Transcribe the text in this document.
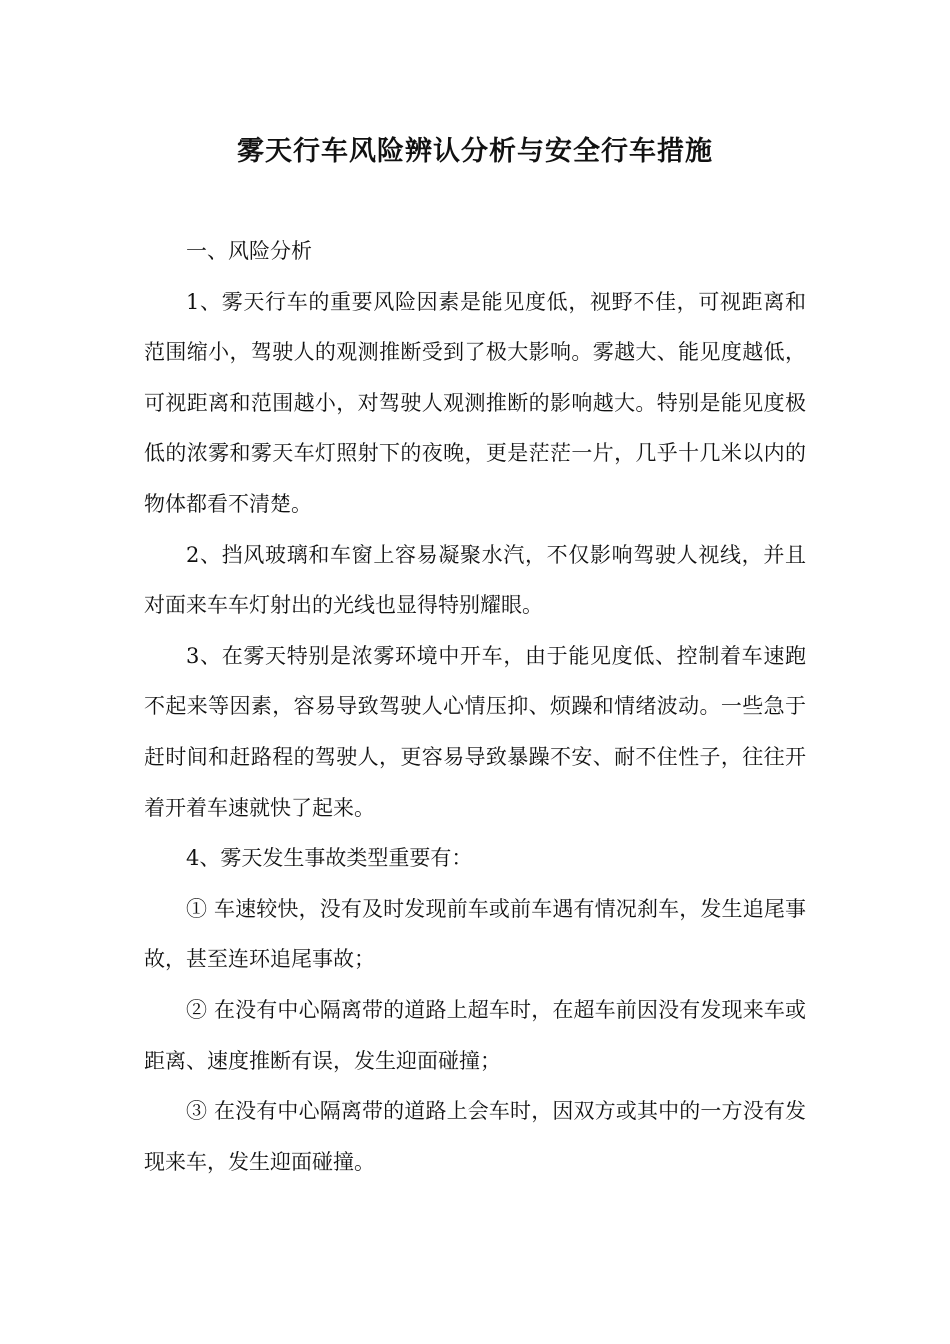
雾天行车风险辨认分析与安全行车措施

一、风险分析

1、雾天行车的重要风险因素是能见度低，视野不佳，可视距离和范围缩小，驾驶人的观测推断受到了极大影响。雾越大、能见度越低，可视距离和范围越小，对驾驶人观测推断的影响越大。特别是能见度极低的浓雾和雾天车灯照射下的夜晚，更是茫茫一片，几乎十几米以内的物体都看不清楚。

2、挡风玻璃和车窗上容易凝聚水汽，不仅影响驾驶人视线，并且对面来车车灯射出的光线也显得特别耀眼。

3、在雾天特别是浓雾环境中开车，由于能见度低、控制着车速跑不起来等因素，容易导致驾驶人心情压抑、烦躁和情绪波动。一些急于赶时间和赶路程的驾驶人，更容易导致暴躁不安、耐不住性子，往往开着开着车速就快了起来。

4、雾天发生事故类型重要有：

① 车速较快，没有及时发现前车或前车遇有情况刹车，发生追尾事故，甚至连环追尾事故；

② 在没有中心隔离带的道路上超车时，在超车前因没有发现来车或距离、速度推断有误，发生迎面碰撞；

③ 在没有中心隔离带的道路上会车时，因双方或其中的一方没有发现来车，发生迎面碰撞。
